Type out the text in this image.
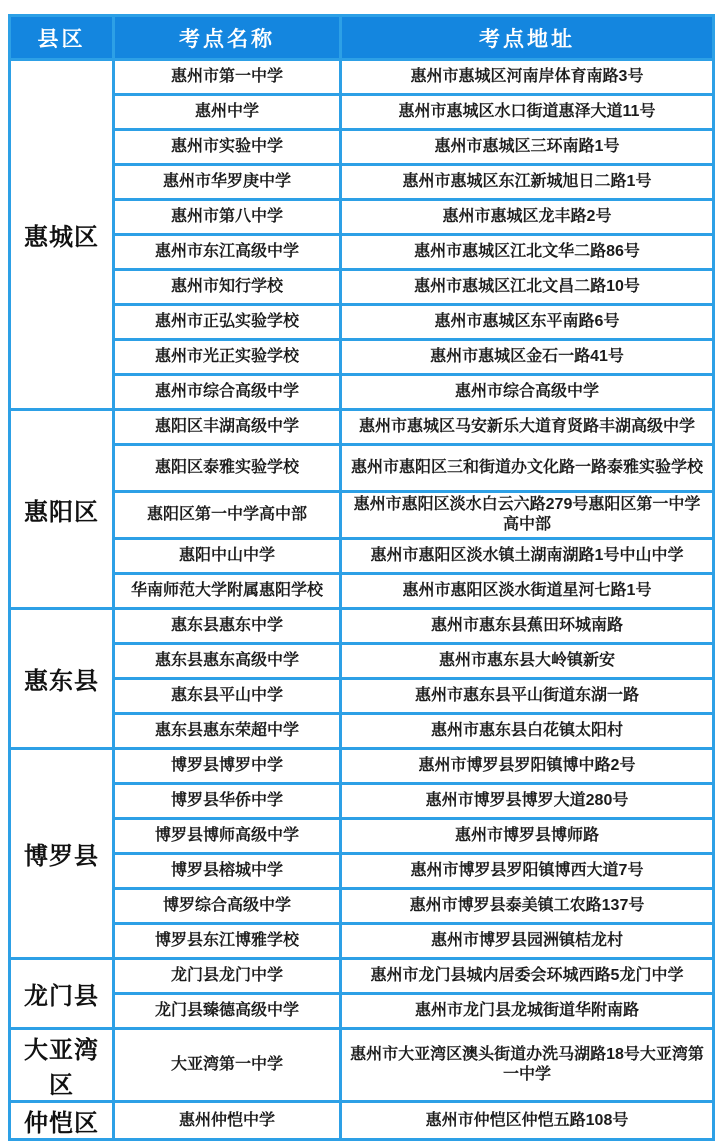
县区	考点名称	考点地址
惠城区	惠州市第一中学	惠州市惠城区河南岸体育南路3号
	惠州中学	惠州市惠城区水口街道惠泽大道11号
	惠州市实验中学	惠州市惠城区三环南路1号
	惠州市华罗庚中学	惠州市惠城区东江新城旭日二路1号
	惠州市第八中学	惠州市惠城区龙丰路2号
	惠州市东江高级中学	惠州市惠城区江北文华二路86号
	惠州市知行学校	惠州市惠城区江北文昌二路10号
	惠州市正弘实验学校	惠州市惠城区东平南路6号
	惠州市光正实验学校	惠州市惠城区金石一路41号
	惠州市综合高级中学	惠州市综合高级中学
惠阳区	惠阳区丰湖高级中学	惠州市惠城区马安新乐大道育贤路丰湖高级中学
	惠阳区泰雅实验学校	惠州市惠阳区三和街道办文化路一路泰雅实验学校
	惠阳区第一中学高中部	惠州市惠阳区淡水白云六路279号惠阳区第一中学高中部
	惠阳中山中学	惠州市惠阳区淡水镇土湖南湖路1号中山中学
	华南师范大学附属惠阳学校	惠州市惠阳区淡水街道星河七路1号
惠东县	惠东县惠东中学	惠州市惠东县蕉田环城南路
	惠东县惠东高级中学	惠州市惠东县大岭镇新安
	惠东县平山中学	惠州市惠东县平山街道东湖一路
	惠东县惠东荣超中学	惠州市惠东县白花镇太阳村
博罗县	博罗县博罗中学	惠州市博罗县罗阳镇博中路2号
	博罗县华侨中学	惠州市博罗县博罗大道280号
	博罗县博师高级中学	惠州市博罗县博师路
	博罗县榕城中学	惠州市博罗县罗阳镇博西大道7号
	博罗综合高级中学	惠州市博罗县泰美镇工农路137号
	博罗县东江博雅学校	惠州市博罗县园洲镇桔龙村
龙门县	龙门县龙门中学	惠州市龙门县城内居委会环城西路5龙门中学
	龙门县臻德高级中学	惠州市龙门县龙城街道华附南路
大亚湾区	大亚湾第一中学	惠州市大亚湾区澳头街道办洗马湖路18号大亚湾第一中学
仲恺区	惠州仲恺中学	惠州市仲恺区仲恺五路108号
